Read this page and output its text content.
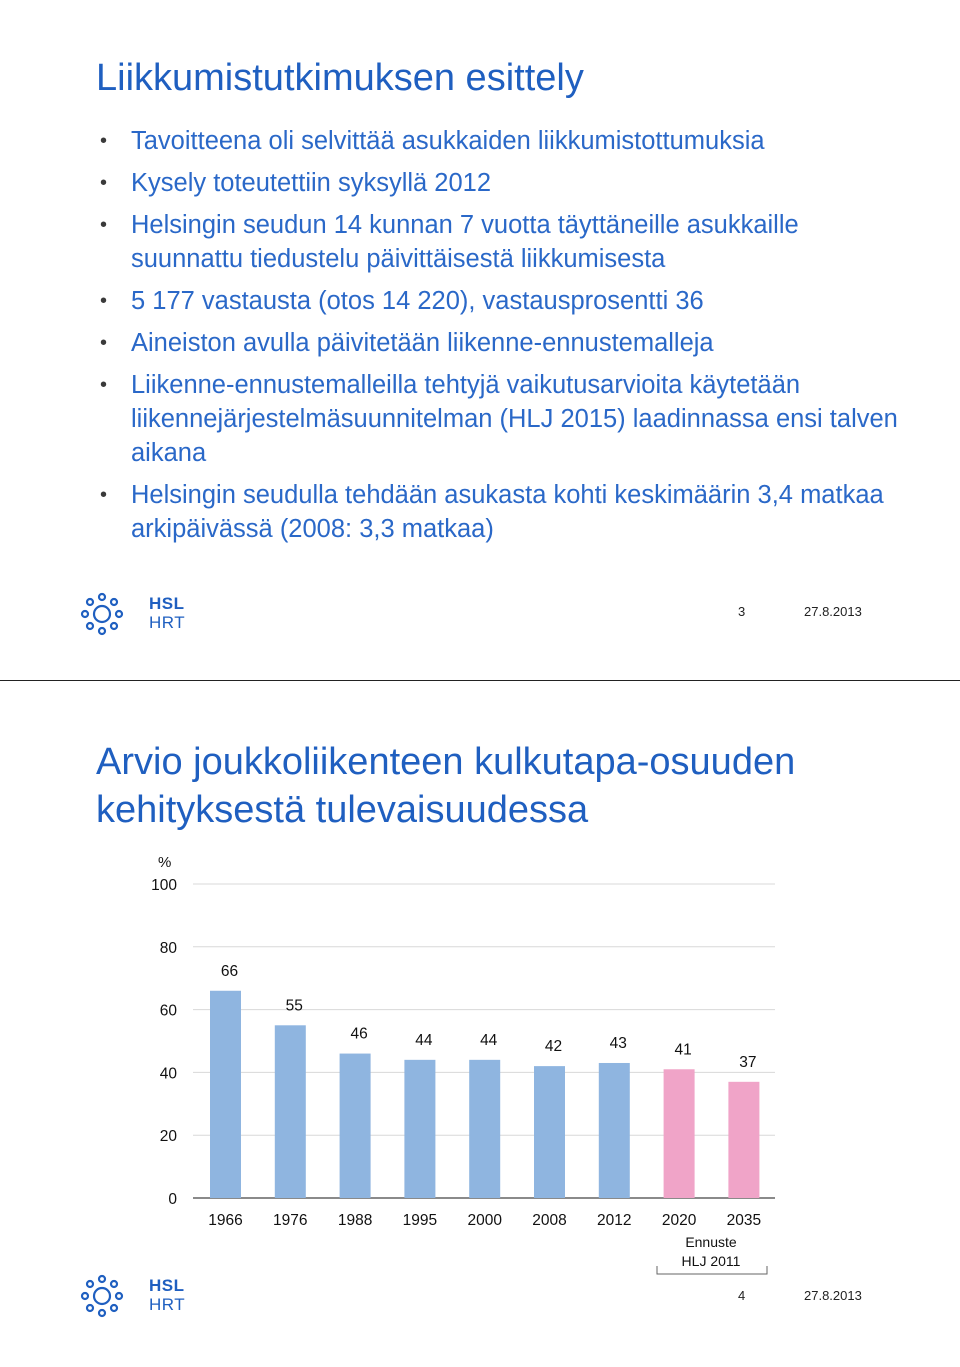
Liikkumistutkimuksen esittely
• Tavoitteena oli selvittää asukkaiden liikkumistottumuksia
• Kysely toteutettiin syksyllä 2012
• Helsingin seudun 14 kunnan 7 vuotta täyttäneille asukkaille suunnattu tiedustelu päivittäisestä liikkumisesta
• 5 177 vastausta (otos 14 220), vastausprosentti 36
• Aineiston avulla päivitetään liikenne-ennustemalleja
• Liikenne-ennustemalleilla tehtyjä vaikutusarvioita käytetään liikennejärjestelmäsuunnitelman (HLJ 2015) laadinnassa ensi talven aikana
• Helsingin seudulla tehdään asukasta kohti keskimäärin 3,4 matkaa arkipäivässä (2008: 3,3 matkaa)
HSL
HRT
3	27.8.2013
Arvio joukkoliikenteen kulkutapa-osuuden kehityksestä tulevaisuudessa
%
0
20
40
60
80
100
66
1966
55
1976
46
1988
44
1995
44
2000
42
2008
43
2012
41
2020
37
2035
Ennuste
HLJ 2011
HSL
HRT	4	27.8.2013
